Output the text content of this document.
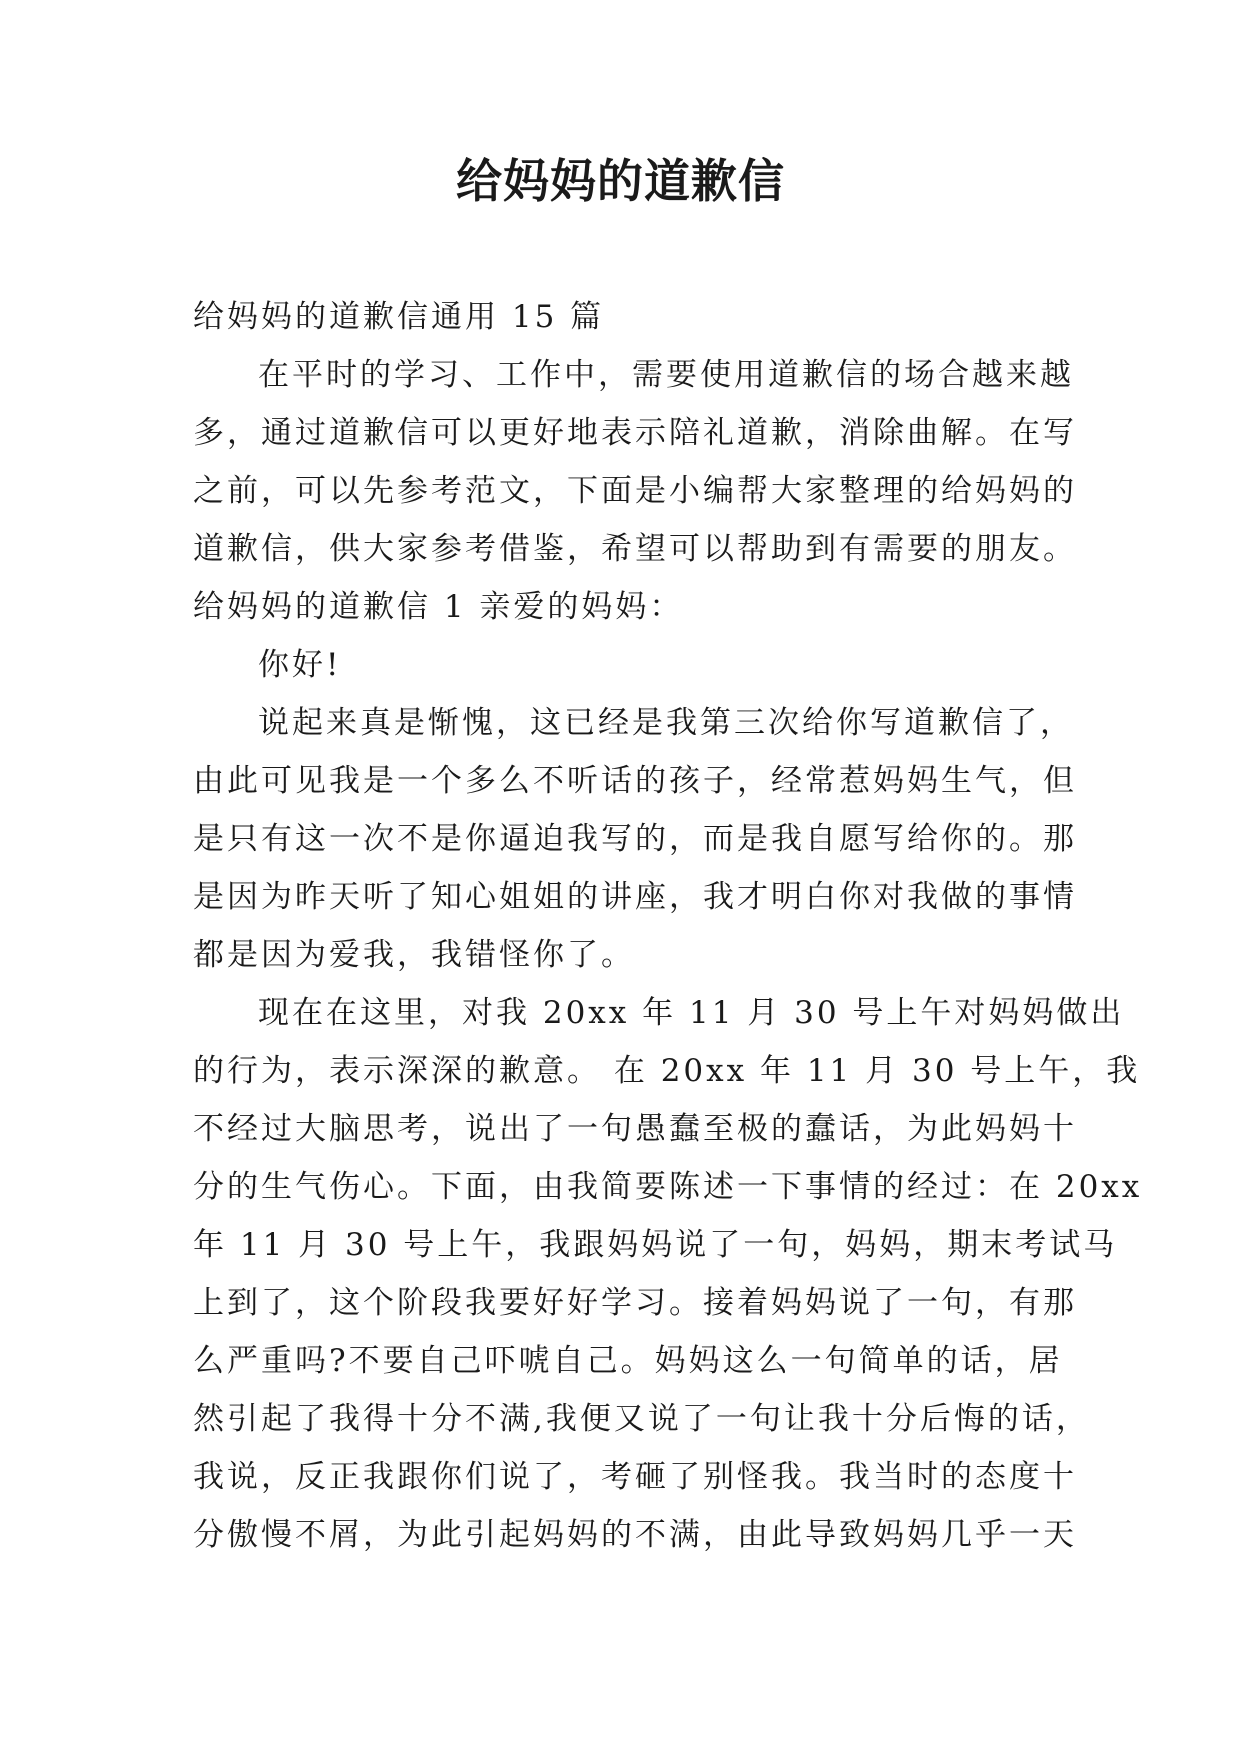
给妈妈的道歉信
给妈妈的道歉信通用 15 篇
在平时的学习、工作中，需要使用道歉信的场合越来越
多，通过道歉信可以更好地表示陪礼道歉，消除曲解。在写
之前，可以先参考范文，下面是小编帮大家整理的给妈妈的
道歉信，供大家参考借鉴，希望可以帮助到有需要的朋友。
给妈妈的道歉信 1 亲爱的妈妈：
你好!
说起来真是惭愧，这已经是我第三次给你写道歉信了，
由此可见我是一个多么不听话的孩子，经常惹妈妈生气，但
是只有这一次不是你逼迫我写的，而是我自愿写给你的。那
是因为昨天听了知心姐姐的讲座，我才明白你对我做的事情
都是因为爱我，我错怪你了。
现在在这里，对我 20xx 年 11 月 30 号上午对妈妈做出
的行为，表示深深的歉意。 在 20xx 年 11 月 30 号上午，我
不经过大脑思考，说出了一句愚蠢至极的蠢话，为此妈妈十
分的生气伤心。下面，由我简要陈述一下事情的经过：在 20xx
年 11 月 30 号上午，我跟妈妈说了一句，妈妈，期末考试马
上到了，这个阶段我要好好学习。接着妈妈说了一句，有那
么严重吗?不要自己吓唬自己。妈妈这么一句简单的话，居
然引起了我得十分不满,我便又说了一句让我十分后悔的话，
我说，反正我跟你们说了，考砸了别怪我。我当时的态度十
分傲慢不屑，为此引起妈妈的不满，由此导致妈妈几乎一天
